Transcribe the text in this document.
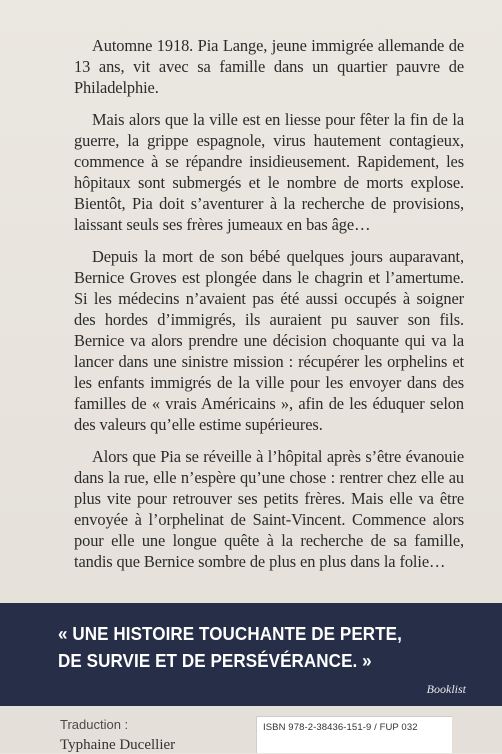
Automne 1918. Pia Lange, jeune immigrée allemande de 13 ans, vit avec sa famille dans un quartier pauvre de Philadelphie.

Mais alors que la ville est en liesse pour fêter la fin de la guerre, la grippe espagnole, virus hautement contagieux, commence à se répandre insidieusement. Rapidement, les hôpitaux sont submergés et le nombre de morts explose. Bientôt, Pia doit s’aventurer à la recherche de provisions, laissant seuls ses frères jumeaux en bas âge…

Depuis la mort de son bébé quelques jours auparavant, Bernice Groves est plongée dans le chagrin et l’amertume. Si les médecins n’avaient pas été aussi occupés à soigner des hordes d’immigrés, ils auraient pu sauver son fils. Bernice va alors prendre une décision choquante qui va la lancer dans une sinistre mission : récupérer les orphelins et les enfants immigrés de la ville pour les envoyer dans des familles de « vrais Américains », afin de les éduquer selon des valeurs qu’elle estime supérieures.

Alors que Pia se réveille à l’hôpital après s’être évanouie dans la rue, elle n’espère qu’une chose : rentrer chez elle au plus vite pour retrouver ses petits frères. Mais elle va être envoyée à l’orphelinat de Saint-Vincent. Commence alors pour elle une longue quête à la recherche de sa famille, tandis que Bernice sombre de plus en plus dans la folie…

« UNE HISTOIRE TOUCHANTE DE PERTE,
DE SURVIE ET DE PERSÉVÉRANCE. »
Booklist
Traduction :
Typhaine Ducellier
ISBN 978-2-38436-151-9 / FUP 032
